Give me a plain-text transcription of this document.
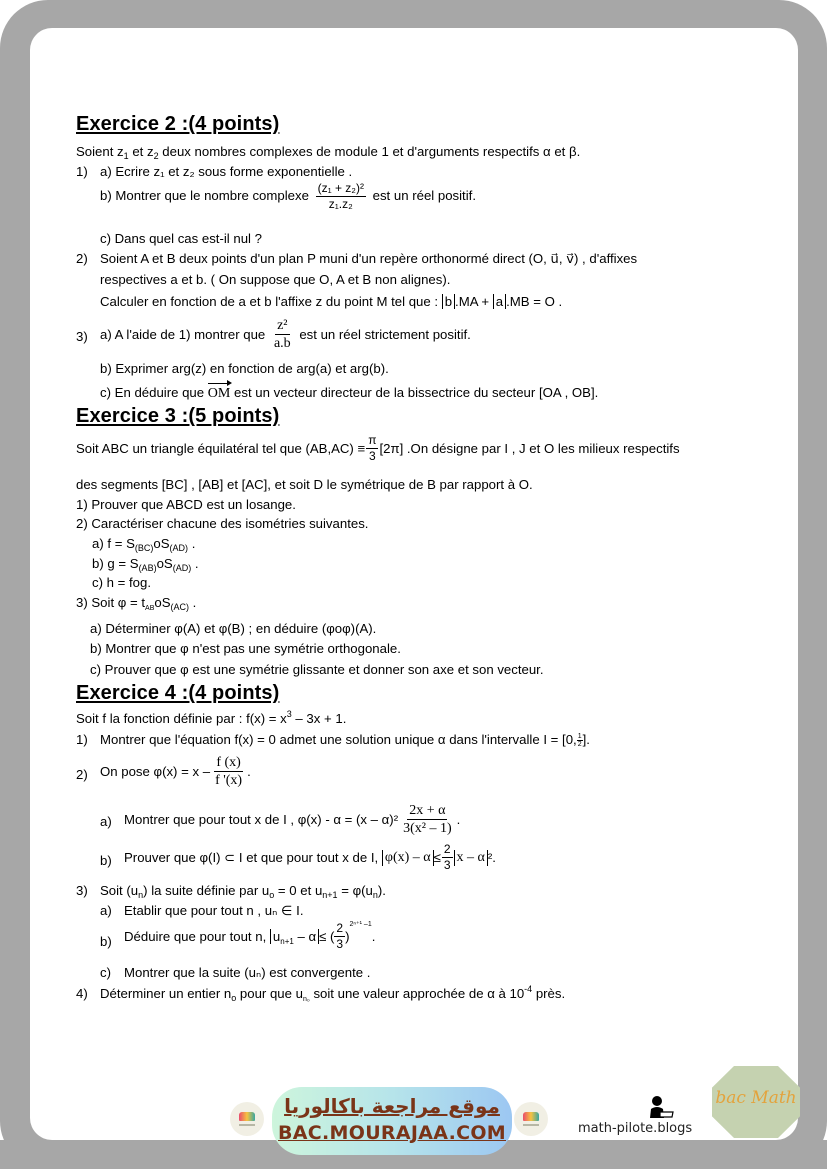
Exercice 2 :(4 points)
Soient $z_1$ et $z_2$ deux nombres complexes de module 1 et d'arguments respectifs α et β.
1) a) Ecrire z₁ et z₂ sous forme exponentielle .
b) Montrer que le nombre complexe $\frac{\text{(z₁ + z₂)²}}{\text{z₁.z₂}}$ est un réel positif.
c) Dans quel cas est-il nul ?
2) Soient A et B deux points d'un plan P muni d'un repère orthonormé direct (O, u⃗, v⃗) , d'affixes
respectives a et b. ( On suppose que O, A et B non alignes).
Calculer en fonction de a et b l'affixe z du point M tel que : b .MA + a .MB = O .
3) a) A l'aide de 1) montrer que $\frac{\text{z²}}{a.b}$ est un réel strictement positif.
b) Exprimer arg(z) en fonction de arg(a) et arg(b).
c) En déduire que OM est un vecteur directeur de la bissectrice du secteur [OA , OB].
Exercice 3 :(5 points)
Soit ABC un triangle équilatéral tel que $(AB,AC) \equiv \frac{\pi}{3} [2\pi]$ .On désigne par I , J et O les milieux respectifs
des segments [BC] , [AB] et [AC], et soit D le symétrique de B par rapport à O.
1) Prouver que ABCD est un losange.
2) Caractériser chacune des isométries suivantes.
a) $f = S_{(BC)}oS_{(AD)}$ .
b) $g = S_{(AB)}oS_{(AD)}$ .
c) h = fog.
3) Soit $\varphi = t_{AB}oS_{(AC)}$ .
a) Déterminer φ(A) et φ(B) ; en déduire (φoφ)(A).
b) Montrer que φ n'est pas une symétrie orthogonale.
c) Prouver que φ est une symétrie glissante et donner son axe et son vecteur.
Exercice 4 :(4 points)
Soit f la fonction définie par : $f(x) = x^3 - 3x + 1$.
1) Montrer que l'équation f(x) = 0 admet une solution unique α dans l'intervalle I = [0, $\frac{1}{2}$ ].
2) On pose $\varphi(x) = x - \frac{f (x)}{f '(x)}$ .
a) Montrer que pour tout x de I , $\varphi(x) - \alpha = (x - \alpha)^2 \frac{2x + \alpha}{\text{3(x² – 1)}}$ .
b) Prouver que φ(I) ⊂ I et que pour tout x de I, $\varphi(x) - \alpha\le \frac{2}{3}$ x – α ².
3) Soit $(u_n)$ la suite définie par $u_o = 0$ et $u_{n+1} = \varphi(u_n)$.
a) Etablir que pour tout n , uₙ ∈ I.
b) Déduire que pour tout n, $u_{n+1} - \alpha\le$ ( $\frac{2}{3} )^{2^{n+1} -1}$.
c) Montrer que la suite (uₙ) est convergente .
4) Déterminer un entier $n_o$ pour que $u_{n_0}$ soit une valeur approchée de α à $10^{-4}$ près.
موقع مراجعة باكالوريا
BAC.MOURAJAA.COM
bac Math
math-pilote.blogs
